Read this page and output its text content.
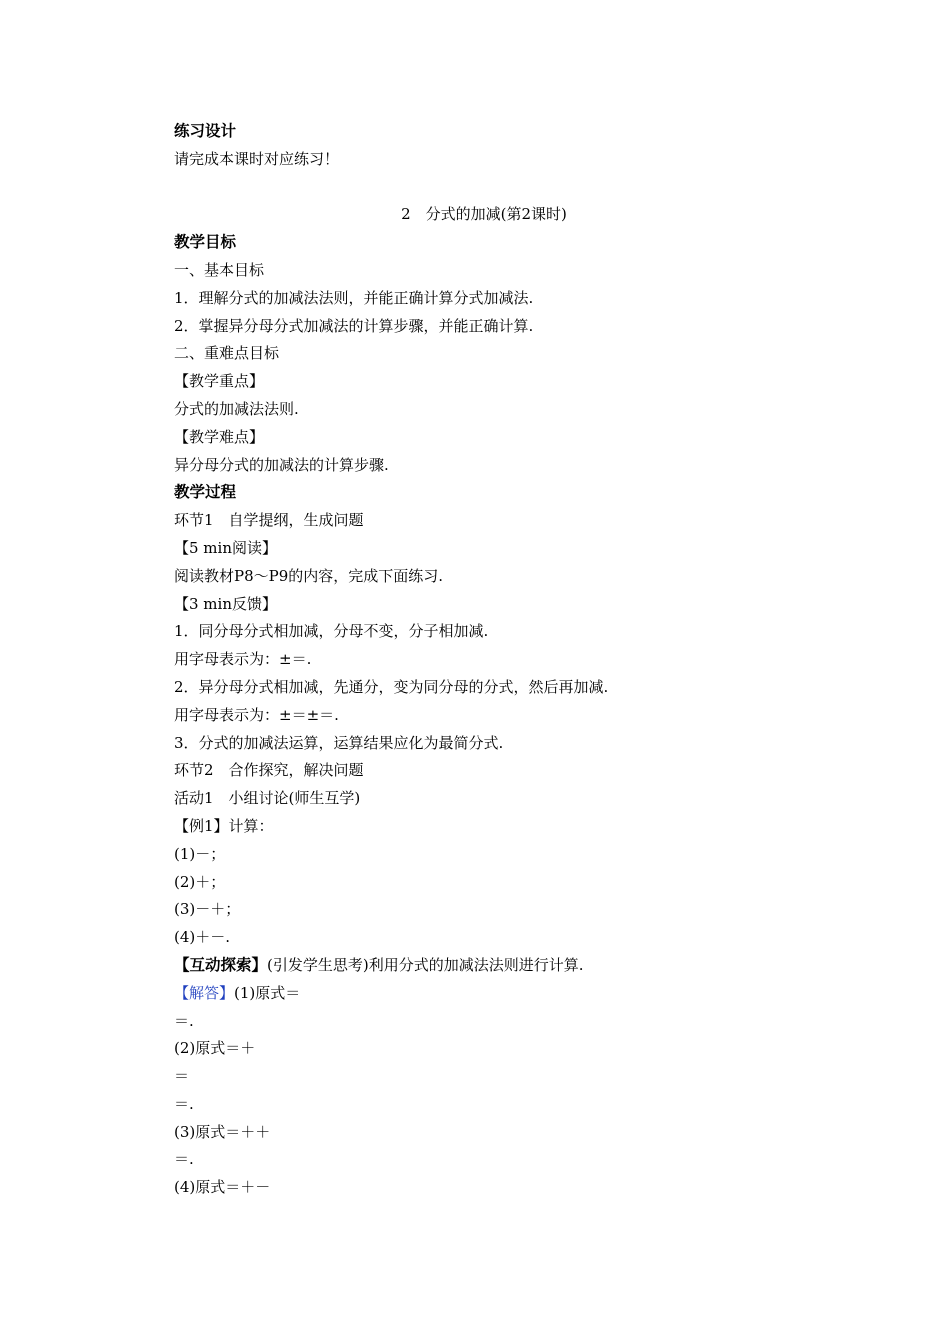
练习设计
请完成本课时对应练习！
2　分式的加减(第2课时)
教学目标
一、基本目标
1．理解分式的加减法法则，并能正确计算分式加减法.
2．掌握异分母分式加减法的计算步骤，并能正确计算.
二、重难点目标
【教学重点】
分式的加减法法则.
【教学难点】
异分母分式的加减法的计算步骤.
教学过程
环节1　自学提纲，生成问题
【5 min阅读】
阅读教材P8～P9的内容，完成下面练习.
【3 min反馈】
1．同分母分式相加减，分母不变，分子相加减.
用字母表示为：±＝.
2．异分母分式相加减，先通分，变为同分母的分式，然后再加减.
用字母表示为：±＝±＝.
3．分式的加减法运算，运算结果应化为最简分式.
环节2　合作探究，解决问题
活动1　小组讨论(师生互学)
【例1】计算：
(1)－；
(2)＋；
(3)－＋；
(4)＋－.
【互动探索】(引发学生思考)利用分式的加减法法则进行计算.
【解答】(1)原式＝
＝.
(2)原式＝＋
＝
＝.
(3)原式＝＋＋
＝.
(4)原式＝＋－
